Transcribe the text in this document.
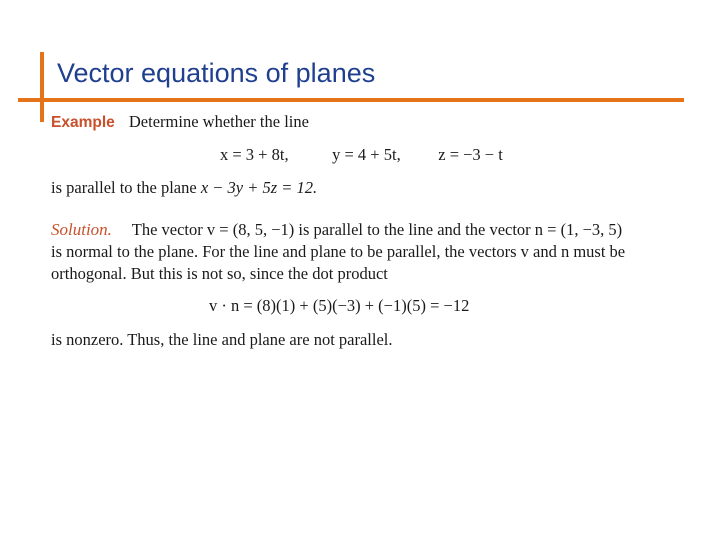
Vector equations of planes
Example Determine whether the line
x = 3 + 8t,	y = 4 + 5t, z = −3 − t
is parallel to the plane x − 3y + 5z = 12.
Solution. The vector v = (8, 5, −1) is parallel to the line and the vector n = (1, −3, 5)
is normal to the plane. For the line and plane to be parallel, the vectors v and n must be
orthogonal. But this is not so, since the dot product
v · n = (8)(1) + (5)(−3) + (−1)(5) = −12
is nonzero. Thus, the line and plane are not parallel.
